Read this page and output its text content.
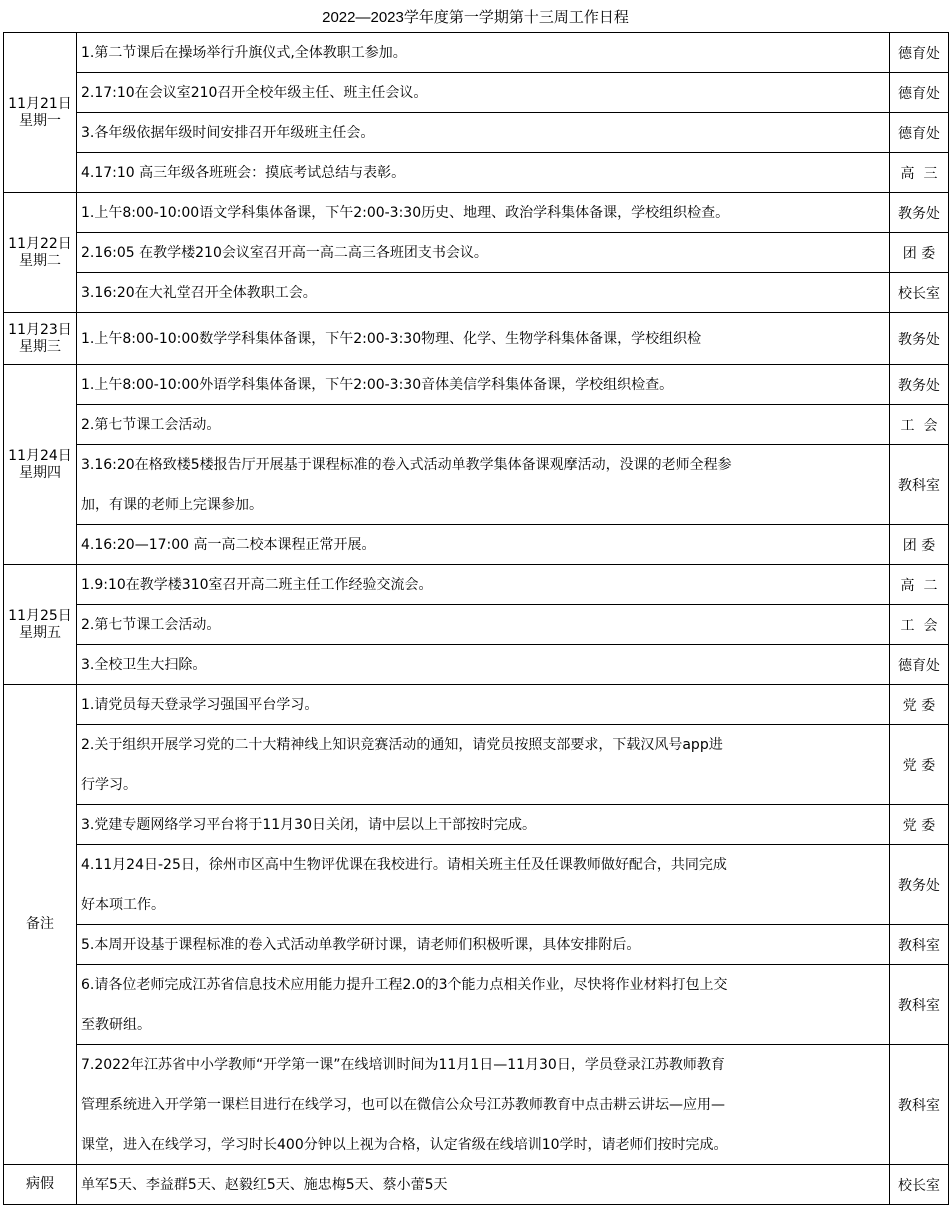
2022—2023学年度第一学期第十三周工作日程
11月21日
星期一
1.第二节课后在操场举行升旗仪式,全体教职工参加。	德育处
2.17:10在会议室210召开全校年级主任、班主任会议。	德育处
3.各年级依据年级时间安排召开年级班主任会。	德育处
4.17:10 高三年级各班班会：摸底考试总结与表彰。	高  三
11月22日
星期二
1.上午8:00-10:00语文学科集体备课，下午2:00-3:30历史、地理、政治学科集体备课，学校组织检查。	教务处
2.16:05 在教学楼210会议室召开高一高二高三各班团支书会议。	团 委
3.16:20在大礼堂召开全体教职工会。	校长室
11月23日
星期三 1.上午8:00-10:00数学学科集体备课，下午2:00-3:30物理、化学、生物学科集体备课，学校组织检	教务处
11月24日
星期四
1.上午8:00-10:00外语学科集体备课，下午2:00-3:30音体美信学科集体备课，学校组织检查。	教务处
2.第七节课工会活动。	工  会
3.16:20在格致楼5楼报告厅开展基于课程标准的卷入式活动单教学集体备课观摩活动，没课的老师全程参
加，有课的老师上完课参加。
教科室
4.16:20—17:00 高一高二校本课程正常开展。	团 委
11月25日
星期五
1.9:10在教学楼310室召开高二班主任工作经验交流会。	高  二
2.第七节课工会活动。	工  会
3.全校卫生大扫除。	德育处
备注
1.请党员每天登录学习强国平台学习。	党 委
2.关于组织开展学习党的二十大精神线上知识竞赛活动的通知，请党员按照支部要求，下载汉风号app进
行学习。
党 委
3.党建专题网络学习平台将于11月30日关闭，请中层以上干部按时完成。	党 委
4.11月24日-25日，徐州市区高中生物评优课在我校进行。请相关班主任及任课教师做好配合，共同完成
好本项工作。
教务处
5.本周开设基于课程标准的卷入式活动单教学研讨课，请老师们积极听课，具体安排附后。	教科室
6.请各位老师完成江苏省信息技术应用能力提升工程2.0的3个能力点相关作业，尽快将作业材料打包上交
至教研组。
教科室
7.2022年江苏省中小学教师“开学第一课”在线培训时间为11月1日—11月30日，学员登录江苏教师教育
管理系统进入开学第一课栏目进行在线学习，也可以在微信公众号江苏教师教育中点击耕云讲坛—应用—
课堂，进入在线学习，学习时长400分钟以上视为合格，认定省级在线培训10学时，请老师们按时完成。
教科室
病假 单军5天、李益群5天、赵毅红5天、施忠梅5天、蔡小蕾5天	校长室
